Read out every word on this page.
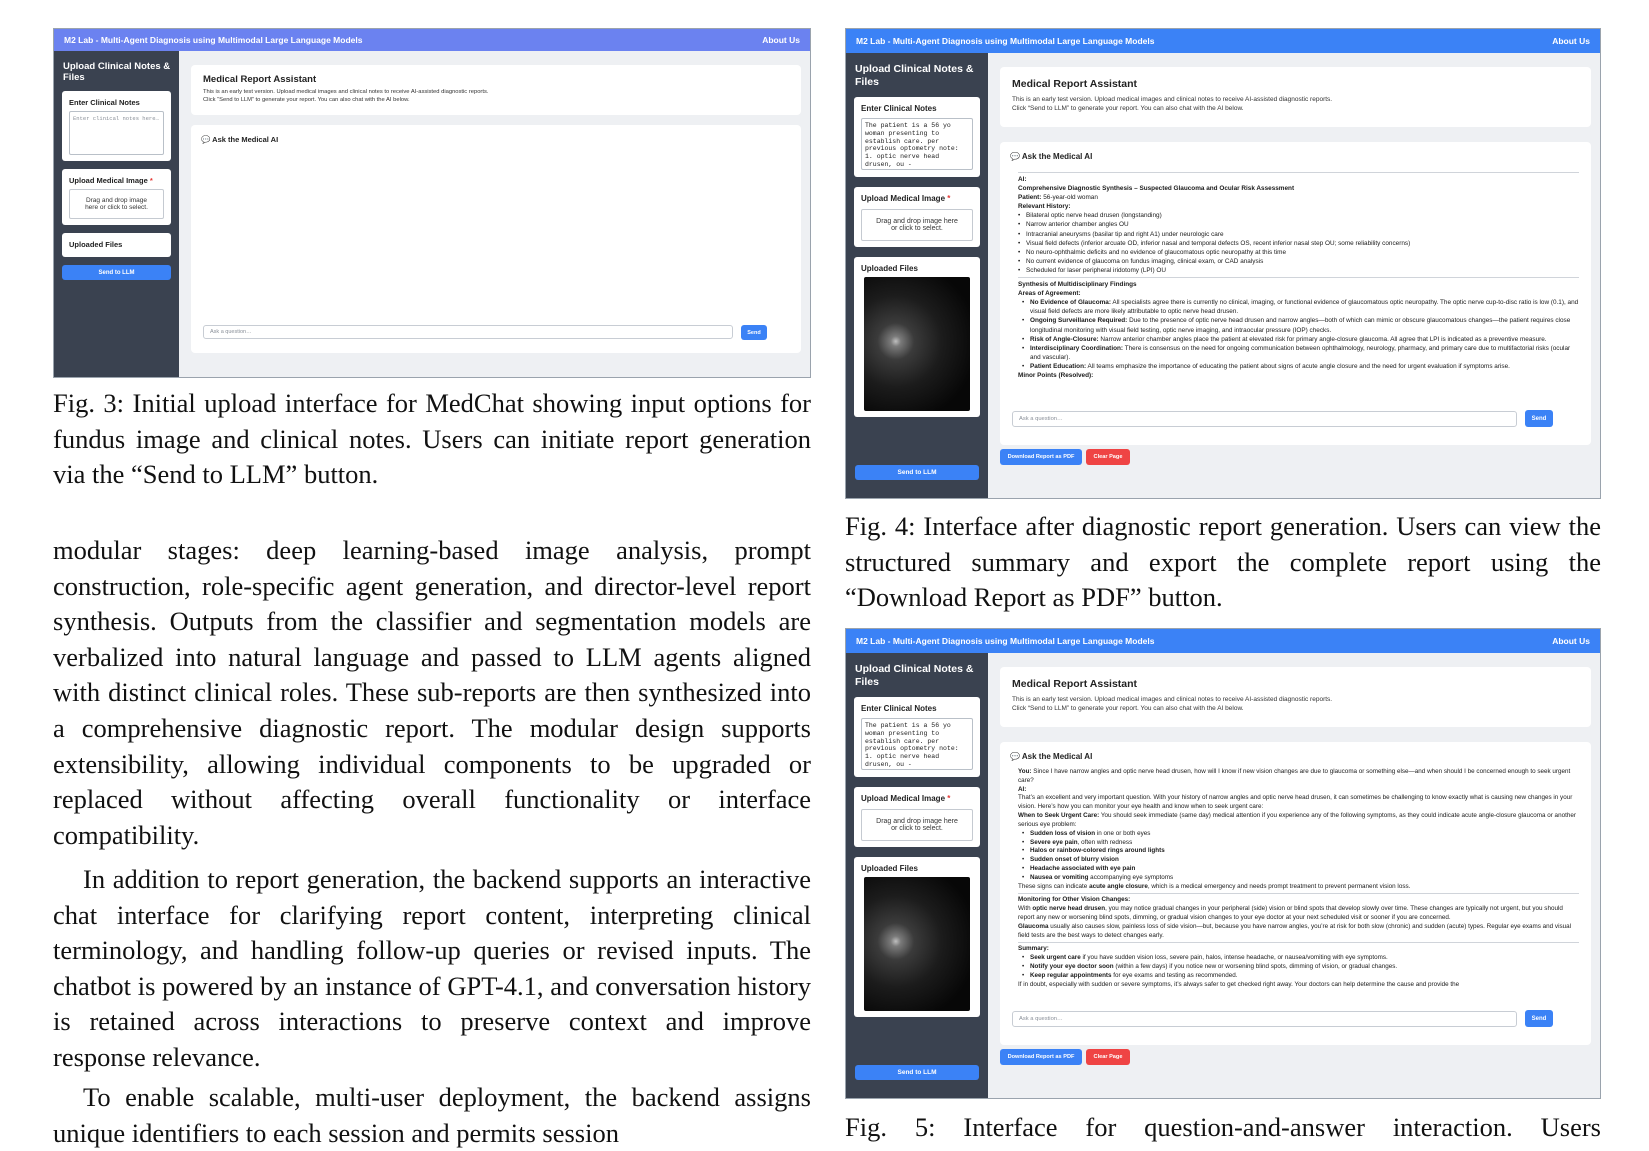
M2 Lab - Multi-Agent Diagnosis using Multimodal Large Language Models	About Us
Upload Clinical Notes & Files
Enter Clinical Notes
Enter clinical notes here…
Upload Medical Image *
Drag and drop image here or click to select.
Uploaded Files
Send to LLM
Medical Report Assistant
This is an early test version. Upload medical images and clinical notes to receive AI-assisted diagnostic reports.
Click “Send to LLM” to generate your report. You can also chat with the AI below.
💬 Ask the Medical AI
Ask a question…	Send
Fig. 3: Initial upload interface for MedChat showing input options for fundus image and clinical notes. Users can initiate report generation via the “Send to LLM” button.
modular stages: deep learning-based image analysis, prompt construction, role-specific agent generation, and director-level report synthesis. Outputs from the classifier and segmentation models are verbalized into natural language and passed to LLM agents aligned with distinct clinical roles. These sub-reports are then synthesized into a comprehensive diagnostic report. The modular design supports extensibility, allowing individual components to be upgraded or replaced without affecting overall functionality or interface compatibility.
In addition to report generation, the backend supports an interactive chat interface for clarifying report content, interpreting clinical terminology, and handling follow-up queries or revised inputs. The chatbot is powered by an instance of GPT-4.1, and conversation history is retained across interactions to preserve context and improve response relevance.
To enable scalable, multi-user deployment, the backend assigns unique identifiers to each session and permits session
M2 Lab - Multi-Agent Diagnosis using Multimodal Large Language Models	About Us
Upload Clinical Notes & Files
Enter Clinical Notes
The patient is a 56 yo woman presenting to establish care. per previous optometry note: 1. optic nerve head drusen, ou -
Upload Medical Image *
Drag and drop image here or click to select.
Uploaded Files
Send to LLM
Medical Report Assistant
This is an early test version. Upload medical images and clinical notes to receive AI-assisted diagnostic reports.
Click “Send to LLM” to generate your report. You can also chat with the AI below.
💬 Ask the Medical AI
AI:
Comprehensive Diagnostic Synthesis – Suspected Glaucoma and Ocular Risk Assessment
Patient: 56-year-old woman
Relevant History:
• Bilateral optic nerve head drusen (longstanding)
• Narrow anterior chamber angles OU
• Intracranial aneurysms (basilar tip and right A1) under neurologic care
• Visual field defects (inferior arcuate OD, inferior nasal and temporal defects OS, recent inferior nasal step OU; some reliability concerns)
• No neuro-ophthalmic deficits and no evidence of glaucomatous optic neuropathy at this time
• No current evidence of glaucoma on fundus imaging, clinical exam, or CAD analysis
• Scheduled for laser peripheral iridotomy (LPI) OU
Synthesis of Multidisciplinary Findings
Areas of Agreement:
• No Evidence of Glaucoma: All specialists agree there is currently no clinical, imaging, or functional evidence of glaucomatous optic neuropathy. The optic nerve cup-to-disc ratio is low (0.1), and visual field defects are more likely attributable to optic nerve head drusen.
• Ongoing Surveillance Required: Due to the presence of optic nerve head drusen and narrow angles—both of which can mimic or obscure glaucomatous changes—the patient requires close longitudinal monitoring with visual field testing, optic nerve imaging, and intraocular pressure (IOP) checks.
• Risk of Angle-Closure: Narrow anterior chamber angles place the patient at elevated risk for primary angle-closure glaucoma. All agree that LPI is indicated as a preventive measure.
• Interdisciplinary Coordination: There is consensus on the need for ongoing communication between ophthalmology, neurology, pharmacy, and primary care due to multifactorial risks (ocular and vascular).
• Patient Education: All teams emphasize the importance of educating the patient about signs of acute angle closure and the need for urgent evaluation if symptoms arise.
Minor Points (Resolved):
Ask a question…	Send
Download Report as PDF	Clear Page
Fig. 4: Interface after diagnostic report generation. Users can view the structured summary and export the complete report using the “Download Report as PDF” button.
M2 Lab - Multi-Agent Diagnosis using Multimodal Large Language Models	About Us
Upload Clinical Notes & Files
Enter Clinical Notes
The patient is a 56 yo woman presenting to establish care. per previous optometry note: 1. optic nerve head drusen, ou -
Upload Medical Image *
Drag and drop image here or click to select.
Uploaded Files
Send to LLM
Medical Report Assistant
This is an early test version. Upload medical images and clinical notes to receive AI-assisted diagnostic reports.
Click “Send to LLM” to generate your report. You can also chat with the AI below.
💬 Ask the Medical AI
You: Since I have narrow angles and optic nerve head drusen, how will I know if new vision changes are due to glaucoma or something else—and when should I be concerned enough to seek urgent care?
AI:
That’s an excellent and very important question. With your history of narrow angles and optic nerve head drusen, it can sometimes be challenging to know exactly what is causing new changes in your vision. Here’s how you can monitor your eye health and know when to seek urgent care:
When to Seek Urgent Care: You should seek immediate (same day) medical attention if you experience any of the following symptoms, as they could indicate acute angle-closure glaucoma or another serious eye problem:
• Sudden loss of vision in one or both eyes
• Severe eye pain, often with redness
• Halos or rainbow-colored rings around lights
• Sudden onset of blurry vision
• Headache associated with eye pain
• Nausea or vomiting accompanying eye symptoms
These signs can indicate acute angle closure, which is a medical emergency and needs prompt treatment to prevent permanent vision loss.
Monitoring for Other Vision Changes:
With optic nerve head drusen, you may notice gradual changes in your peripheral (side) vision or blind spots that develop slowly over time. These changes are typically not urgent, but you should report any new or worsening blind spots, dimming, or gradual vision changes to your eye doctor at your next scheduled visit or sooner if you are concerned.
Glaucoma usually also causes slow, painless loss of side vision—but, because you have narrow angles, you’re at risk for both slow (chronic) and sudden (acute) types. Regular eye exams and visual field tests are the best ways to detect changes early.
Summary:
• Seek urgent care if you have sudden vision loss, severe pain, halos, intense headache, or nausea/vomiting with eye symptoms.
• Notify your eye doctor soon (within a few days) if you notice new or worsening blind spots, dimming of vision, or gradual changes.
• Keep regular appointments for eye exams and testing as recommended.
If in doubt, especially with sudden or severe symptoms, it’s always safer to get checked right away. Your doctors can help determine the cause and provide the
Ask a question…	Send
Download Report as PDF	Clear Page
Fig. 5: Interface for question-and-answer interaction. Users
